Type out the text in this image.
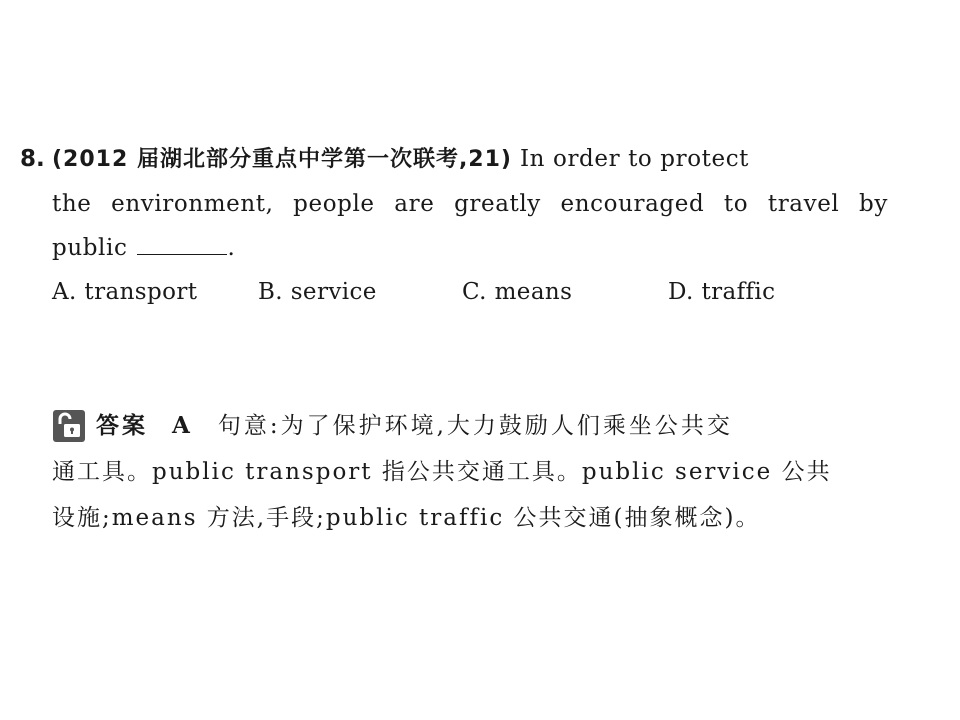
8. (2012 届湖北部分重点中学第一次联考,21) In order to protect
the environment, people are greatly encouraged to travel by
public	.
A. transport	B. service	C. means	D. traffic
答案 A 句意:为了保护环境,大力鼓励人们乘坐公共交
通工具。public transport 指公共交通工具。public service 公共
设施;means 方法,手段;public traffic 公共交通(抽象概念)。
